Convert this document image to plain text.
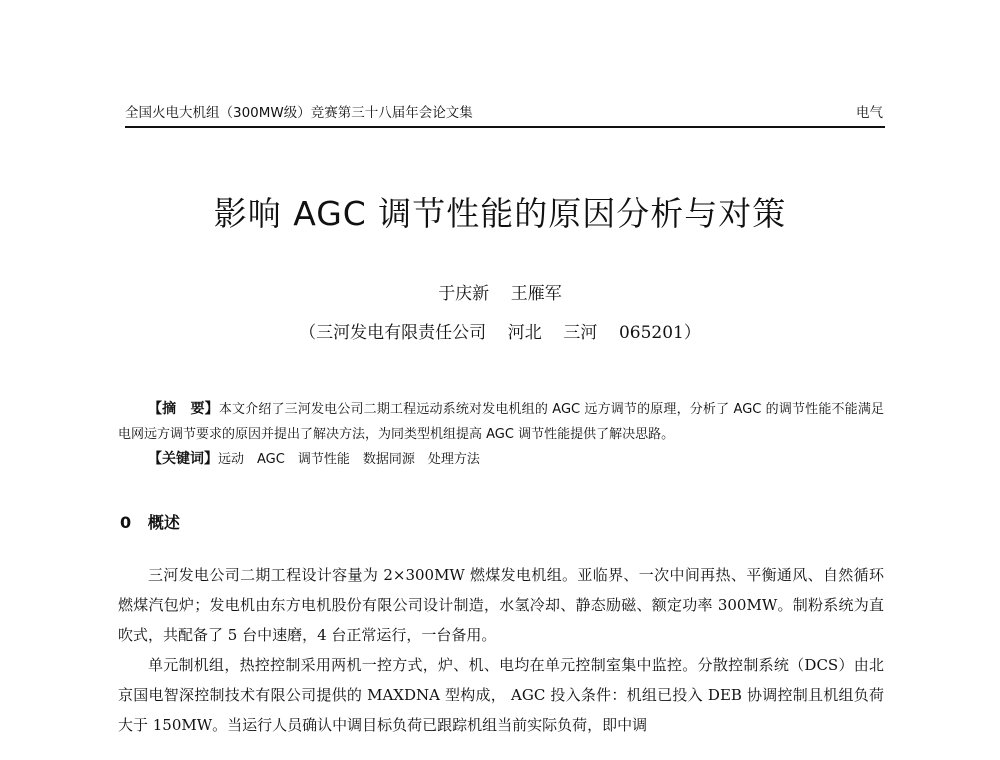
全国火电大机组（300MW级）竞赛第三十八届年会论文集	电气
影响 AGC 调节性能的原因分析与对策
于庆新    王雁军
（三河发电有限责任公司    河北    三河    065201）

【摘　要】本文介绍了三河发电公司二期工程远动系统对发电机组的 AGC 远方调节的原理，分析了 AGC 的调节性能不能满足电网远方调节要求的原因并提出了解决方法，为同类型机组提高 AGC 调节性能提供了解决思路。

【关键词】远动　AGC　调节性能　数据同源　处理方法

0   概述

三河发电公司二期工程设计容量为 2×300MW 燃煤发电机组。亚临界、一次中间再热、平衡通风、自然循环燃煤汽包炉；发电机由东方电机股份有限公司设计制造，水氢冷却、静态励磁、额定功率 300MW。制粉系统为直吹式，共配备了 5 台中速磨，4 台正常运行，一台备用。

单元制机组，热控控制采用两机一控方式，炉、机、电均在单元控制室集中监控。分散控制系统（DCS）由北京国电智深控制技术有限公司提供的 MAXDNA 型构成， AGC 投入条件：机组已投入 DEB 协调控制且机组负荷大于 150MW。当运行人员确认中调目标负荷已跟踪机组当前实际负荷，即中调
